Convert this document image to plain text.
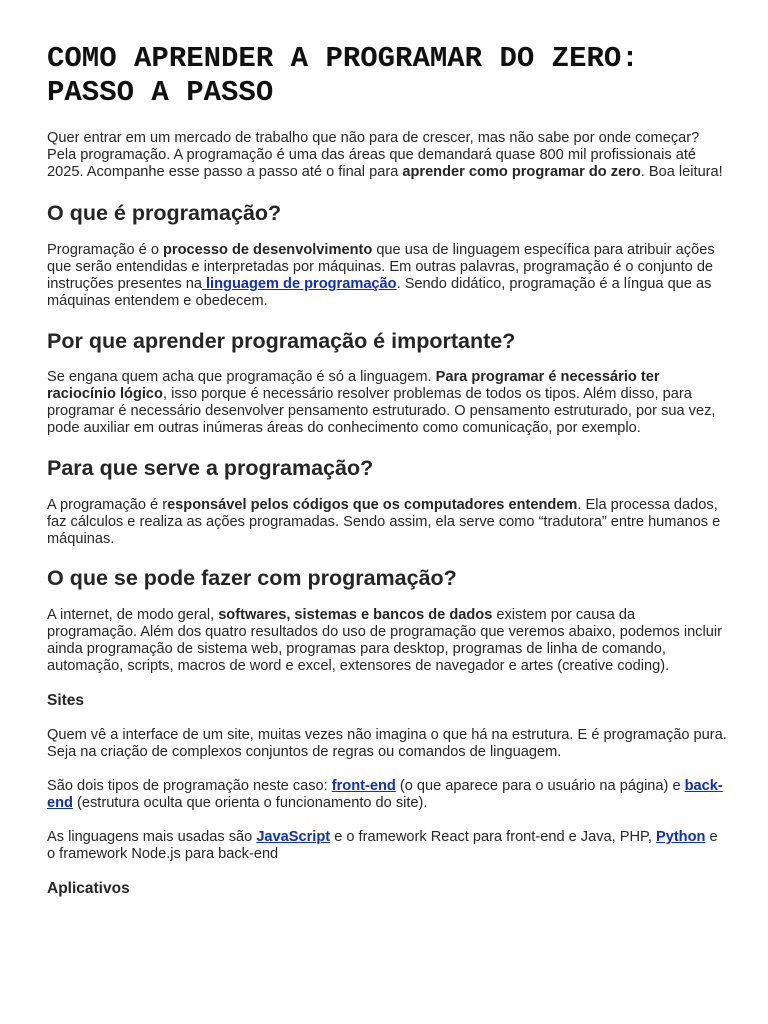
COMO APRENDER A PROGRAMAR DO ZERO: PASSO A PASSO

Quer entrar em um mercado de trabalho que não para de crescer, mas não sabe por onde começar? Pela programação. A programação é uma das áreas que demandará quase 800 mil profissionais até 2025. Acompanhe esse passo a passo até o final para aprender como programar do zero. Boa leitura!

O que é programação?

Programação é o processo de desenvolvimento que usa de linguagem específica para atribuir ações que serão entendidas e interpretadas por máquinas. Em outras palavras, programação é o conjunto de instruções presentes na linguagem de programação. Sendo didático, programação é a língua que as máquinas entendem e obedecem.

Por que aprender programação é importante?

Se engana quem acha que programação é só a linguagem. Para programar é necessário ter raciocínio lógico, isso porque é necessário resolver problemas de todos os tipos. Além disso, para programar é necessário desenvolver pensamento estruturado. O pensamento estruturado, por sua vez, pode auxiliar em outras inúmeras áreas do conhecimento como comunicação, por exemplo.

Para que serve a programação?

A programação é responsável pelos códigos que os computadores entendem. Ela processa dados, faz cálculos e realiza as ações programadas. Sendo assim, ela serve como “tradutora” entre humanos e máquinas.

O que se pode fazer com programação?

A internet, de modo geral, softwares, sistemas e bancos de dados existem por causa da programação. Além dos quatro resultados do uso de programação que veremos abaixo, podemos incluir ainda programação de sistema web, programas para desktop, programas de linha de comando, automação, scripts, macros de word e excel, extensores de navegador e artes (creative coding).

Sites

Quem vê a interface de um site, muitas vezes não imagina o que há na estrutura. E é programação pura. Seja na criação de complexos conjuntos de regras ou comandos de linguagem.

São dois tipos de programação neste caso: front-end (o que aparece para o usuário na página) e back-end (estrutura oculta que orienta o funcionamento do site).

As linguagens mais usadas são JavaScript e o framework React para front-end e Java, PHP, Python e o framework Node.js para back-end

Aplicativos
